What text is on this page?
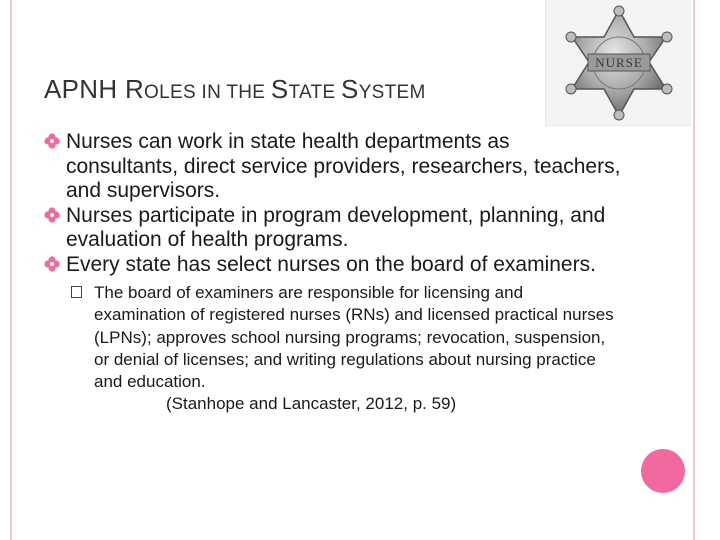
APNH ROLES IN THE STATE SYSTEM
NURSE
Nurses can work in state health departments as consultants, direct service providers, researchers, teachers, and supervisors.
Nurses participate in program development, planning, and evaluation of health programs.
Every state has select nurses on the board of examiners.
The board of examiners are responsible for licensing and examination of registered nurses (RNs) and licensed practical nurses (LPNs); approves school nursing programs; revocation, suspension, or denial of licenses; and writing regulations about nursing practice and education.
(Stanhope and Lancaster, 2012, p. 59)
